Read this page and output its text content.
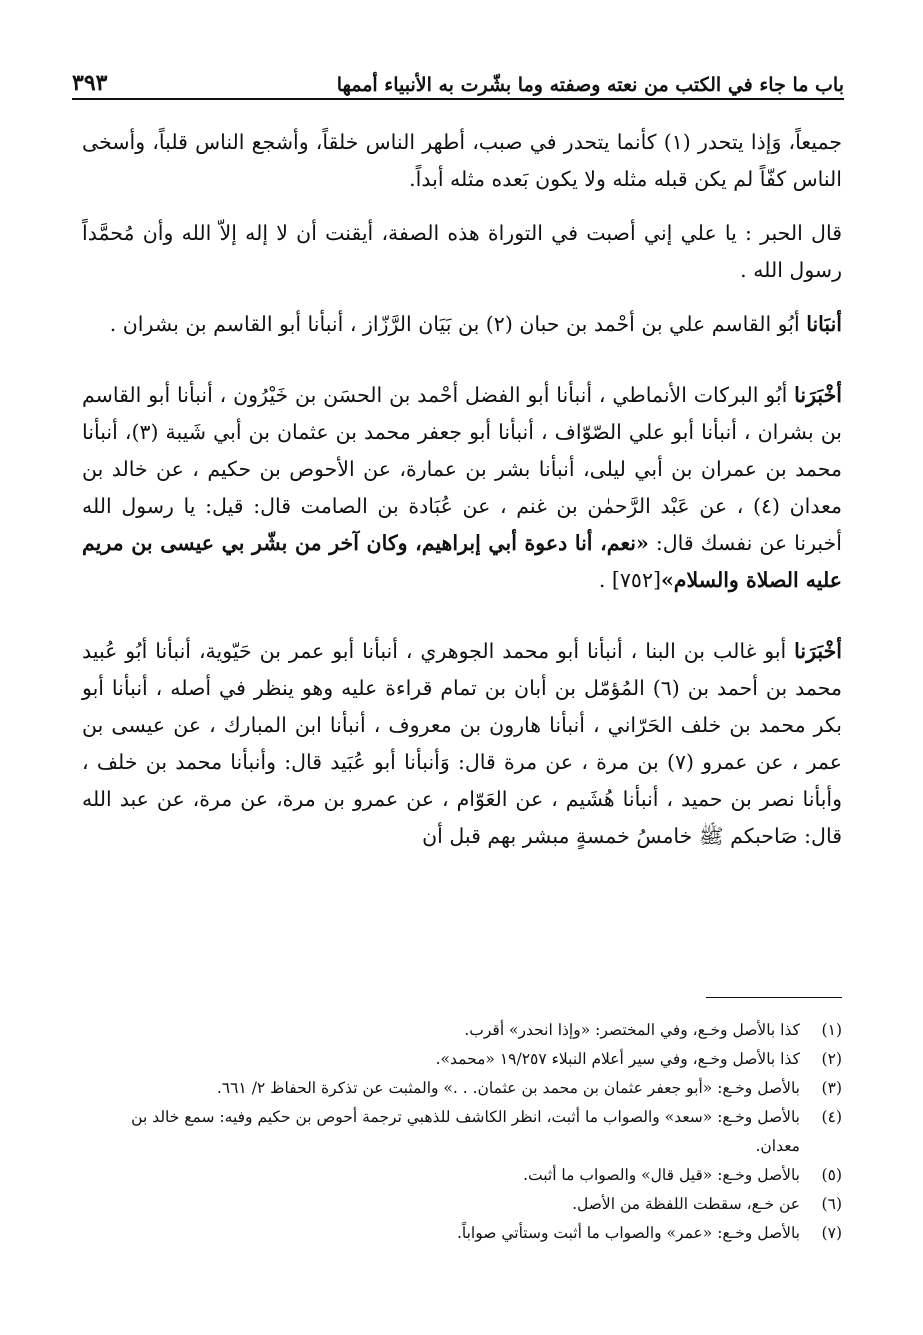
باب ما جاء في الكتب من نعته وصفته وما بشّرت به الأنبياء أممها
٣٩٣

جميعاً، وَإذا يتحدر (١) كأنما يتحدر في صبب، أطهر الناس خلقاً، وأشجع الناس قلباً، وأسخى الناس كفّاً لم يكن قبله مثله ولا يكون بَعده مثله أبداً.

قال الحبر : يا علي إني أصبت في التوراة هذه الصفة، أيقنت أن لا إله إلاّ الله وأن مُحمَّداً رسول الله .

أنبَانا أبُو القاسم علي بن أحْمد بن حبان (٢) بن بَيَان الرَّزّاز ، أنبأنا أبو القاسم بن بشران .

أخْبَرَنا أبُو البركات الأنماطي ، أنبأنا أبو الفضل أحْمد بن الحسَن بن خَيْرُون ، أنبأنا أبو القاسم بن بشران ، أنبأنا أبو علي الصّوّاف ، أنبأنا أبو جعفر محمد بن عثمان بن أبي شَيبة (٣)، أنبأنا محمد بن عمران بن أبي ليلى، أنبأنا بشر بن عمارة، عن الأحوص بن حكيم ، عن خالد بن معدان (٤) ، عن عَبْد الرَّحمٰن بن غنم ، عن عُبَادة بن الصامت قال: قيل: يا رسول الله أخبرنا عن نفسك قال: «نعم، أنا دعوة أبي إبراهيم، وكان آخر من بشّر بي عيسى بن مريم عليه الصلاة والسلام»[٧٥٢] .

أخْبَرَنا أبو غالب بن البنا ، أنبأنا أبو محمد الجوهري ، أنبأنا أبو عمر بن حَيّوية، أنبأنا أبُو عُبيد محمد بن أحمد بن (٦) المُؤمّل بن أبان بن تمام قراءة عليه وهو ينظر في أصله ، أنبأنا أبو بكر محمد بن خلف الحَرّاني ، أنبأنا هارون بن معروف ، أنبأنا ابن المبارك ، عن عيسى بن عمر ، عن عمرو (٧) بن مرة ، عن مرة قال: وَأنبأنا أبو عُبَيد قال: وأنبأنا محمد بن خلف ، وأبأنا نصر بن حميد ، أنبأنا هُشَيم ، عن العَوّام ، عن عمرو بن مرة، عن مرة، عن عبد الله قال: صَاحبكم ﷺ خامسُ خمسةٍ مبشر بهم قبل أن

(١)
كذا بالأصل وخـع، وفي المختصر: «وإذا انحدر» أقرب.
(٢)
كذا بالأصل وخـع، وفي سير أعلام النبلاء ١٩/٢٥٧ «محمد».
(٣)
بالأصل وخـع: «أبو جعفر عثمان بن محمد بن عثمان. . .» والمثبت عن تذكرة الحفاظ ٢/ ٦٦١.
(٤)
بالأصل وخـع: «سعد» والصواب ما أثبت، انظر الكاشف للذهبي ترجمة أحوص بن حكيم وفيه: سمع خالد بن معدان.
(٥)
بالأصل وخـع: «قيل قال» والصواب ما أثبت.
(٦)
عن خـع، سقطت اللفظة من الأصل.
(٧)
بالأصل وخـع: «عمر» والصواب ما أثبت وستأتي صواباً.
